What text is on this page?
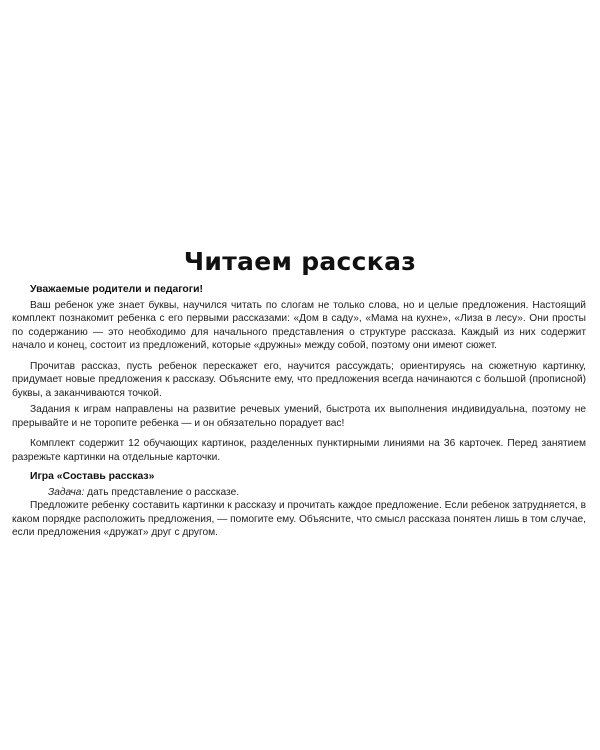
Читаем рассказ
Уважаемые родители и педагоги!

Ваш ребенок уже знает буквы, научился читать по слогам не только слова, но и целые предложения. Настоящий комплект познакомит ребенка с его первыми рассказами: «Дом в саду», «Мама на кухне», «Лиза в лесу». Они просты по содержанию — это необходимо для начального представления о структуре рассказа. Каждый из них содержит начало и конец, состоит из предложений, которые «дружны» между собой, поэтому они имеют сюжет.

Прочитав рассказ, пусть ребенок перескажет его, научится рассуждать; ориентируясь на сюжетную картинку, придумает новые предложения к рассказу. Объясните ему, что предложения всегда начинаются с большой (прописной) буквы, а заканчиваются точкой.

Задания к играм направлены на развитие речевых умений, быстрота их выполнения индивидуальна, поэтому не прерывайте и не торопите ребенка — и он обязательно порадует вас!

Комплект содержит 12 обучающих картинок, разделенных пунктирными линиями на 36 карточек. Перед занятием разрежьте картинки на отдельные карточки.

Игра «Составь рассказ»

Задача: дать представление о рассказе.

Предложите ребенку составить картинки к рассказу и прочитать каждое предложение. Если ребенок затрудняется, в каком порядке расположить предложения, — помогите ему. Объясните, что смысл рассказа понятен лишь в том случае, если предложения «дружат» друг с другом.
